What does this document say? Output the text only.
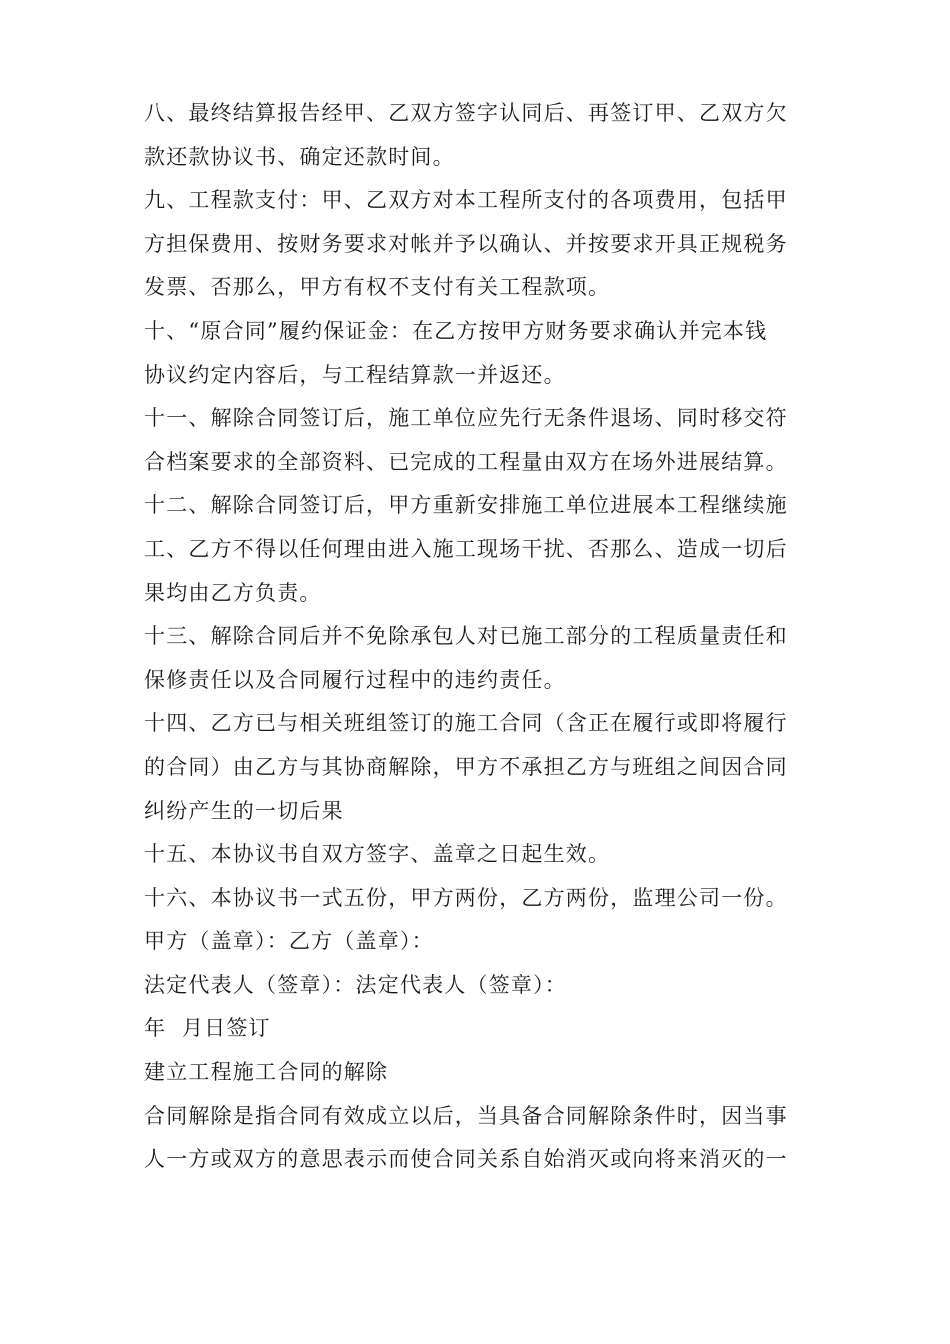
八、最终结算报告经甲、乙双方签字认同后、再签订甲、乙双方欠
款还款协议书、确定还款时间。

九、工程款支付：甲、乙双方对本工程所支付的各项费用，包括甲
方担保费用、按财务要求对帐并予以确认、并按要求开具正规税务
发票、否那么，甲方有权不支付有关工程款项。

十、“原合同”履约保证金：在乙方按甲方财务要求确认并完本钱
协议约定内容后，与工程结算款一并返还。

十一、解除合同签订后，施工单位应先行无条件退场、同时移交符
合档案要求的全部资料、已完成的工程量由双方在场外进展结算。

十二、解除合同签订后，甲方重新安排施工单位进展本工程继续施
工、乙方不得以任何理由进入施工现场干扰、否那么、造成一切后
果均由乙方负责。

十三、解除合同后并不免除承包人对已施工部分的工程质量责任和
保修责任以及合同履行过程中的违约责任。

十四、乙方已与相关班组签订的施工合同（含正在履行或即将履行
的合同）由乙方与其协商解除，甲方不承担乙方与班组之间因合同
纠纷产生的一切后果

十五、本协议书自双方签字、盖章之日起生效。

十六、本协议书一式五份，甲方两份，乙方两份，监理公司一份。

甲方（盖章）：乙方（盖章）：

法定代表人（签章）：法定代表人（签章）：

年  月日签订

建立工程施工合同的解除

合同解除是指合同有效成立以后，当具备合同解除条件时，因当事
人一方或双方的意思表示而使合同关系自始消灭或向将来消灭的一
